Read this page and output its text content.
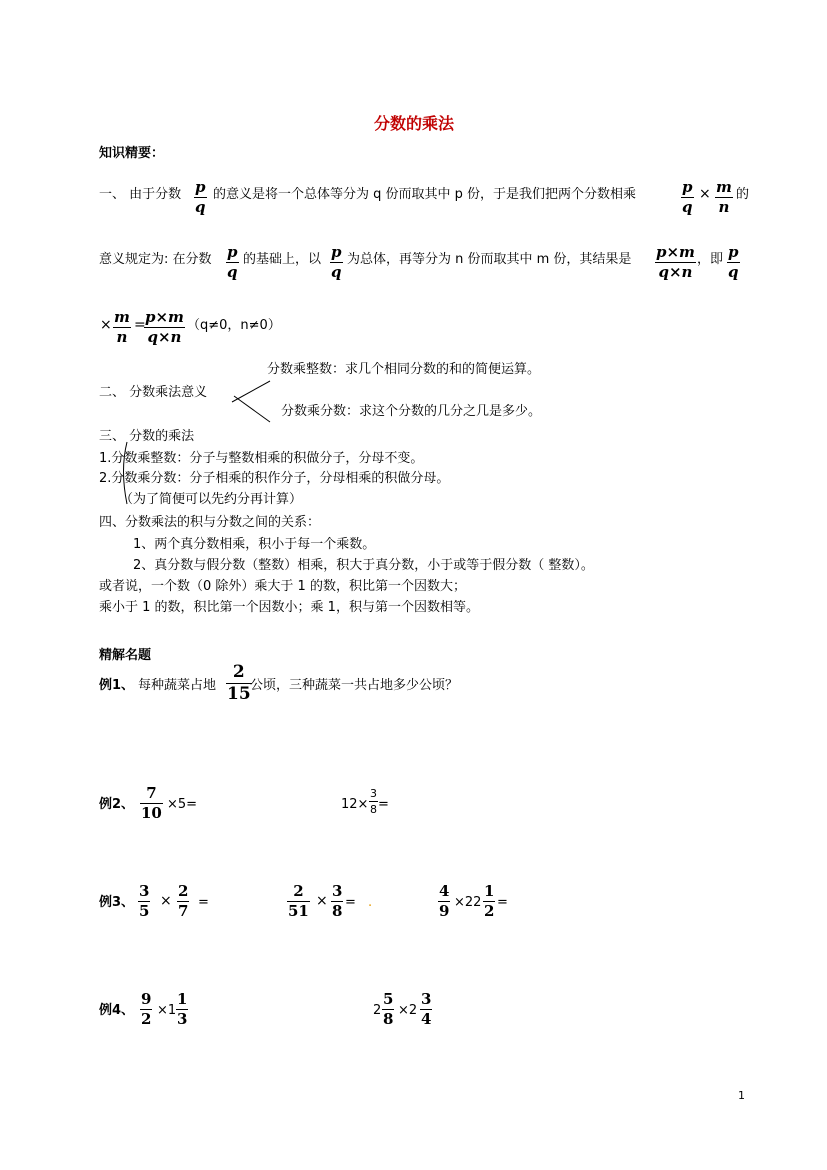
分数的乘法
知识精要：
一、 由于分数 p
q
的意义是将一个总体等分为 q 份而取其中 p 份，于是我们把两个分数相乘	p
q
× m
n
的
意义规定为: 在分数 p
q
的基础上，以 p
q
为总体，再等分为 n 份而取其中 m 份，其结果是 p×m
q×n
，即 p
q
× m
n
= p×m
q×n
（q≠0，n≠0）
分数乘整数：求几个相同分数的和的简便运算。
二、 分数乘法意义
分数乘分数：求这个分数的几分之几是多少。
三、 分数的乘法
1.分数乘整数：分子与整数相乘的积做分子，分母不变。
2.分数乘分数：分子相乘的积作分子，分母相乘的积做分母。
（为了简便可以先约分再计算）
四、分数乘法的积与分数之间的关系：
1、两个真分数相乘，积小于每一个乘数。
2、真分数与假分数（整数）相乘，积大于真分数，小于或等于假分数（ 整数）。
或者说，一个数（0 除外）乘大于 1 的数，积比第一个因数大；
乘小于 1 的数，积比第一个因数小；乘 1，积与第一个因数相等。
精解名题
例1、 每种蔬菜占地
2
15 公顷，三种蔬菜一共占地多少公顷？
例2、
7
10 ×5=	12×
3
8 =
例3、
3
5
×
2
7 =
2
51
×
3
8 = .
4
9 ×22
1
2 =
例4、
9
2 ×1
1
3	2
5
8 ×2
3
4
1
